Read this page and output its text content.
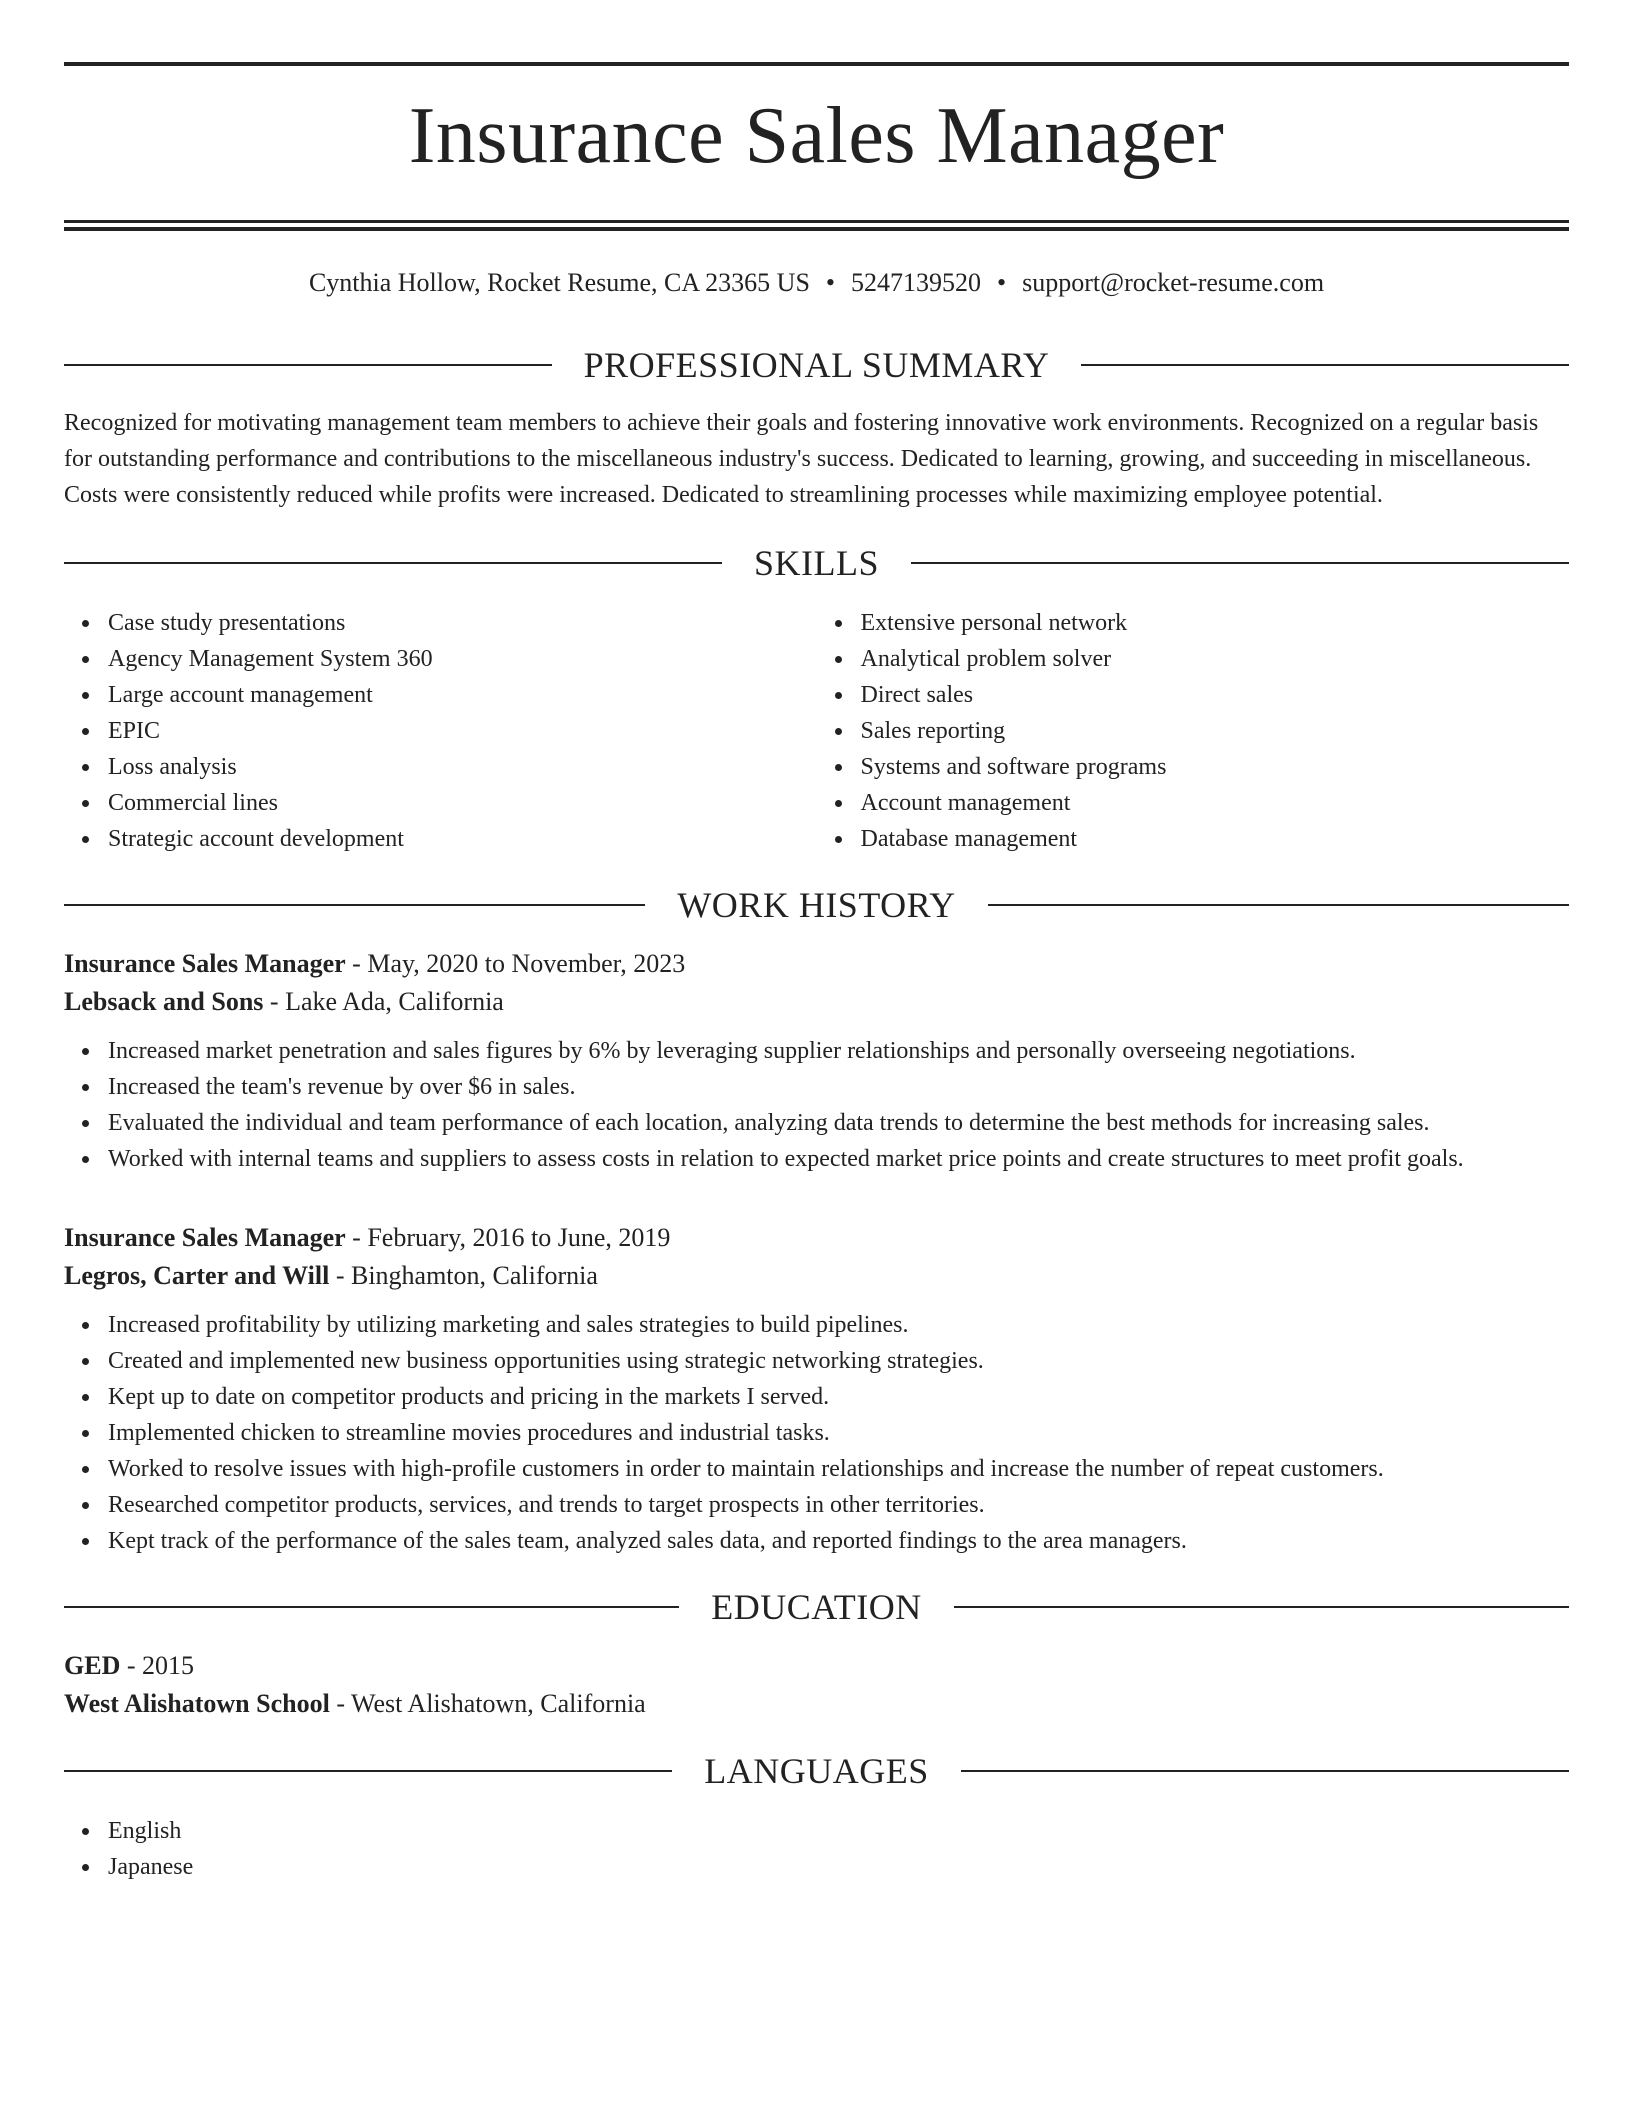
Insurance Sales Manager
Cynthia Hollow, Rocket Resume, CA 23365 US • 5247139520 • support@rocket-resume.com
PROFESSIONAL SUMMARY
Recognized for motivating management team members to achieve their goals and fostering innovative work environments. Recognized on a regular basis for outstanding performance and contributions to the miscellaneous industry's success. Dedicated to learning, growing, and succeeding in miscellaneous. Costs were consistently reduced while profits were increased. Dedicated to streamlining processes while maximizing employee potential.
SKILLS
Case study presentations
Agency Management System 360
Large account management
EPIC
Loss analysis
Commercial lines
Strategic account development
Extensive personal network
Analytical problem solver
Direct sales
Sales reporting
Systems and software programs
Account management
Database management
WORK HISTORY
Insurance Sales Manager - May, 2020 to November, 2023
Lebsack and Sons - Lake Ada, California
Increased market penetration and sales figures by 6% by leveraging supplier relationships and personally overseeing negotiations.
Increased the team's revenue by over $6 in sales.
Evaluated the individual and team performance of each location, analyzing data trends to determine the best methods for increasing sales.
Worked with internal teams and suppliers to assess costs in relation to expected market price points and create structures to meet profit goals.
Insurance Sales Manager - February, 2016 to June, 2019
Legros, Carter and Will - Binghamton, California
Increased profitability by utilizing marketing and sales strategies to build pipelines.
Created and implemented new business opportunities using strategic networking strategies.
Kept up to date on competitor products and pricing in the markets I served.
Implemented chicken to streamline movies procedures and industrial tasks.
Worked to resolve issues with high-profile customers in order to maintain relationships and increase the number of repeat customers.
Researched competitor products, services, and trends to target prospects in other territories.
Kept track of the performance of the sales team, analyzed sales data, and reported findings to the area managers.
EDUCATION
GED - 2015
West Alishatown School - West Alishatown, California
LANGUAGES
English
Japanese
